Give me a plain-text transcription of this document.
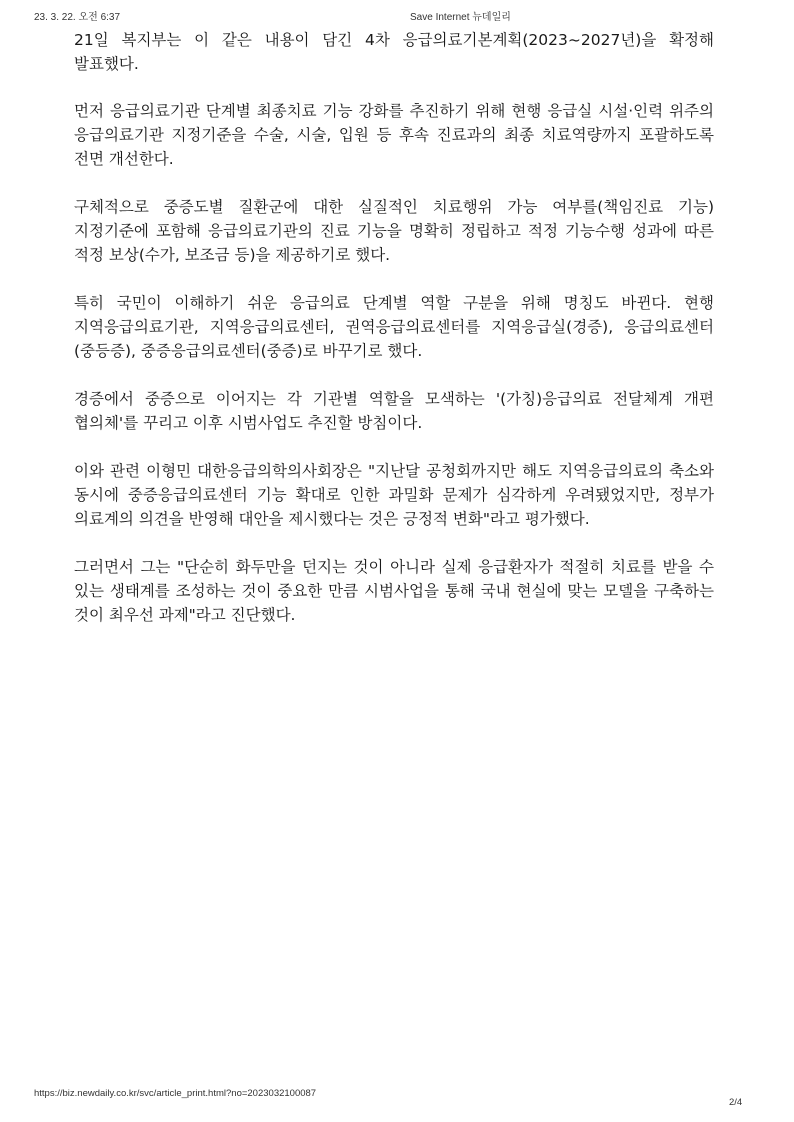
23. 3. 22. 오전 6:37	Save Internet 뉴데일리

21일 복지부는 이 같은 내용이 담긴 4차 응급의료기본계획(2023~2027년)을 확정해 발표했다.

먼저 응급의료기관 단계별 최종치료 기능 강화를 추진하기 위해 현행 응급실 시설·인력 위주의 응급의료기관 지정기준을 수술, 시술, 입원 등 후속 진료과의 최종 치료역량까지 포괄하도록 전면 개선한다.

구체적으로 중증도별 질환군에 대한 실질적인 치료행위 가능 여부를(책임진료 기능) 지정기준에 포함해 응급의료기관의 진료 기능을 명확히 정립하고 적정 기능수행 성과에 따른 적정 보상(수가, 보조금 등)을 제공하기로 했다.

특히 국민이 이해하기 쉬운 응급의료 단계별 역할 구분을 위해 명칭도 바뀐다. 현행 지역응급의료기관, 지역응급의료센터, 권역응급의료센터를 지역응급실(경증), 응급의료센터(중등증), 중증응급의료센터(중증)로 바꾸기로 했다.

경증에서 중증으로 이어지는 각 기관별 역할을 모색하는 '(가칭)응급의료 전달체계 개편 협의체'를 꾸리고 이후 시범사업도 추진할 방침이다.

이와 관련 이형민 대한응급의학의사회장은 "지난달 공청회까지만 해도 지역응급의료의 축소와 동시에 중증응급의료센터 기능 확대로 인한 과밀화 문제가 심각하게 우려됐었지만, 정부가 의료계의 의견을 반영해 대안을 제시했다는 것은 긍정적 변화"라고 평가했다.

그러면서 그는 "단순히 화두만을 던지는 것이 아니라 실제 응급환자가 적절히 치료를 받을 수 있는 생태계를 조성하는 것이 중요한 만큼 시범사업을 통해 국내 현실에 맞는 모델을 구축하는 것이 최우선 과제"라고 진단했다.

https://biz.newdaily.co.kr/svc/article_print.html?no=2023032100087
2/4
